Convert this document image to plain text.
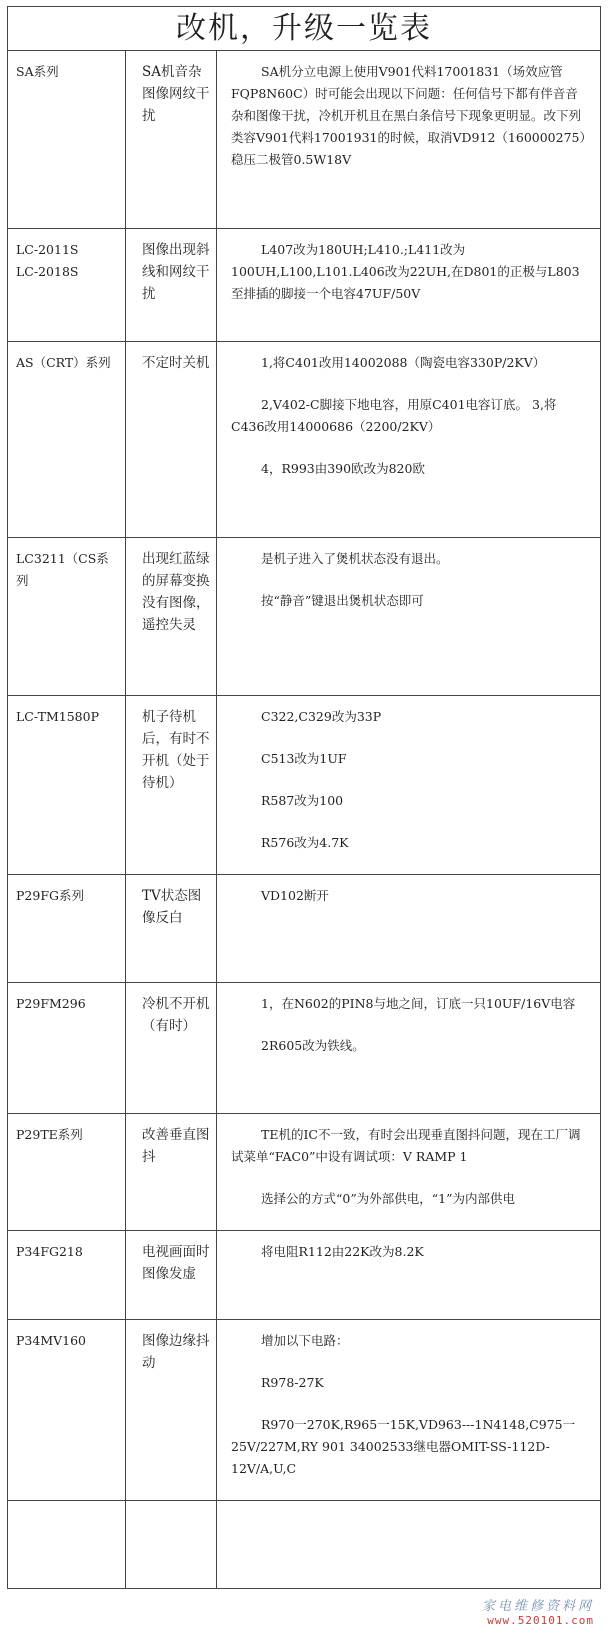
改机，升级一览表
SA系列	SA机音杂图像网纹干扰	SA机分立电源上使用V901代料17001831（场效应管FQP8N60C）时可能会出现以下问题：任何信号下都有伴音音杂和图像干扰，冷机开机且在黑白条信号下现象更明显。改下列类容V901代料17001931的时候，取消VD912（160000275）稳压二极管0.5W18V

LC-2011S
LC-2018S	图像出现斜线和网纹干扰	L407改为180UH;L410.;L411改为100UH,L100,L101.L406改为22UH,在D801的正极与L803至排插的脚接一个电容47UF/50V

AS（CRT）系列	不定时关机	1,将C401改用14002088（陶瓷电容330P/2KV）
2,V402-C脚接下地电容，用原C401电容订底。 3,将C436改用14000686（2200/2KV）
4，R993由390欧改为820欧

LC3211（CS系列	出现红蓝绿的屏幕变换没有图像，遥控失灵	是机子进入了煲机状态没有退出。
按“静音”键退出煲机状态即可

LC-TM1580P	机子待机后，有时不开机（处于待机）	C322,C329改为33P
C513改为1UF
R587改为100
R576改为4.7K

P29FG系列	TV状态图像反白	VD102断开

P29FM296	冷机不开机（有时）	1，在N602的PIN8与地之间，订底一只10UF/16V电容
2R605改为铁线。

P29TE系列	改善垂直图抖	TE机的IC不一致，有时会出现垂直图抖问题，现在工厂调试菜单“FAC0”中设有调试项：V RAMP 1
选择公的方式“0”为外部供电，“1”为内部供电

P34FG218	电视画面时图像发虚	将电阻R112由22K改为8.2K

P34MV160	图像边缘抖动	增加以下电路：
R978-27K
R970一270K,R965一15K,VD963---1N4148,C975一25V/227M,RY 901 34002533继电器OMIT-SS-112D-12V/A,U,C

家电维修资料网
www.520101.com
